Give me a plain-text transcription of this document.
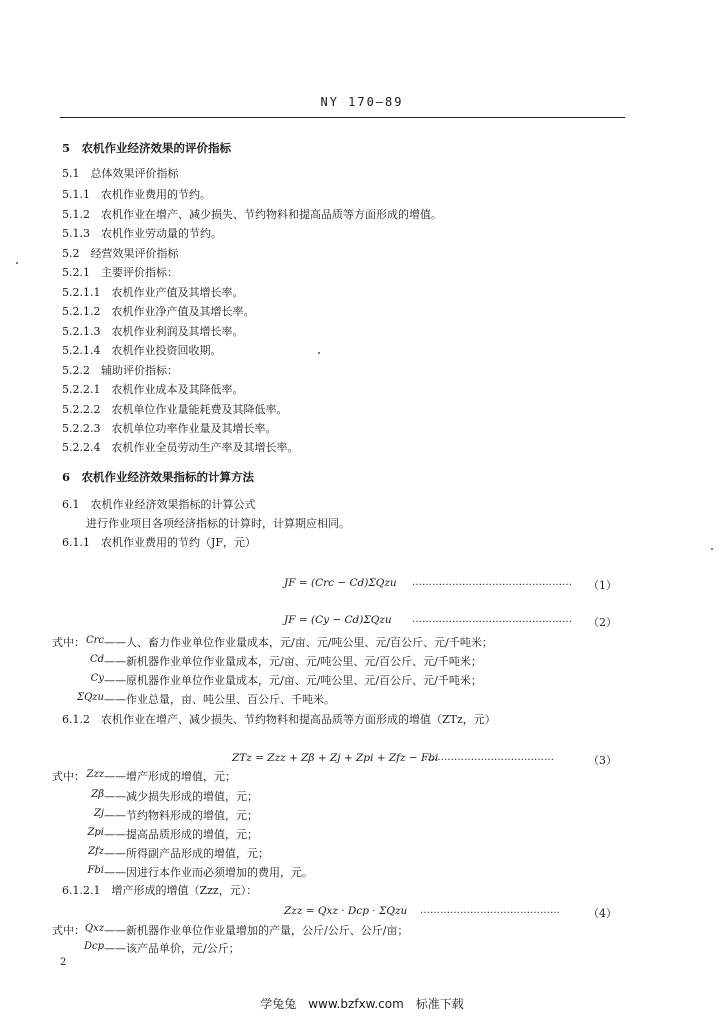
NY 170—89
5　农机作业经济效果的评价指标
5.1　总体效果评价指标
5.1.1　农机作业费用的节约。
5.1.2　农机作业在增产、减少损失、节约物料和提高品质等方面形成的增值。
5.1.3　农机作业劳动量的节约。
5.2　经营效果评价指标
5.2.1　主要评价指标：
5.2.1.1　农机作业产值及其增长率。
5.2.1.2　农机作业净产值及其增长率。
5.2.1.3　农机作业利润及其增长率。
5.2.1.4　农机作业投资回收期。
5.2.2　辅助评价指标：
5.2.2.1　农机作业成本及其降低率。
5.2.2.2　农机单位作业量能耗费及其降低率。
5.2.2.3　农机单位功率作业量及其增长率。
5.2.2.4　农机作业全员劳动生产率及其增长率。
6　农机作业经济效果指标的计算方法
6.1　农机作业经济效果指标的计算公式
进行作业项目各项经济指标的计算时，计算期应相同。
6.1.1　农机作业费用的节约（JF，元）
JF = (Crc − Cd)ΣQzu ………………………………………… （1）
JF = (Cy − Cd)ΣQzu ………………………………………… （2）
式中： Crc ——人、畜力作业单位作业量成本，元/亩、元/吨公里、元/百公斤、元/千吨米；
Cd ——新机器作业单位作业量成本，元/亩、元/吨公里、元/百公斤、元/千吨米；
Cy ——原机器作业单位作业量成本，元/亩、元/吨公里、元/百公斤、元/千吨米；
ΣQzu ——作业总量，亩、吨公里、百公斤、千吨米。
6.1.2　农机作业在增产、减少损失、节约物料和提高品质等方面形成的增值（ZTz，元）
ZTz = Zzz + Zβ + Zj + Zpi + Zfz − Fbi
…………………………………	（3）
式中： Zzz ——增产形成的增值，元；
Zβ ——减少损失形成的增值，元；
Zj ——节约物料形成的增值，元；
Zpi ——提高品质形成的增值，元；
Zfz ——所得副产品形成的增值，元；
Fbi ——因进行本作业而必须增加的费用，元。
6.1.2.1　增产形成的增值（Zzz，元）：
Zzz = Qxz · Dcp · ΣQzu ……………………………………	（4）
式中： Qxz ——新机器作业单位作业量增加的产量，公斤/公斤、公斤/亩；
Dcp ——该产品单价，元/公斤；
2
学兔兔　www.bzfxw.com　标准下载
